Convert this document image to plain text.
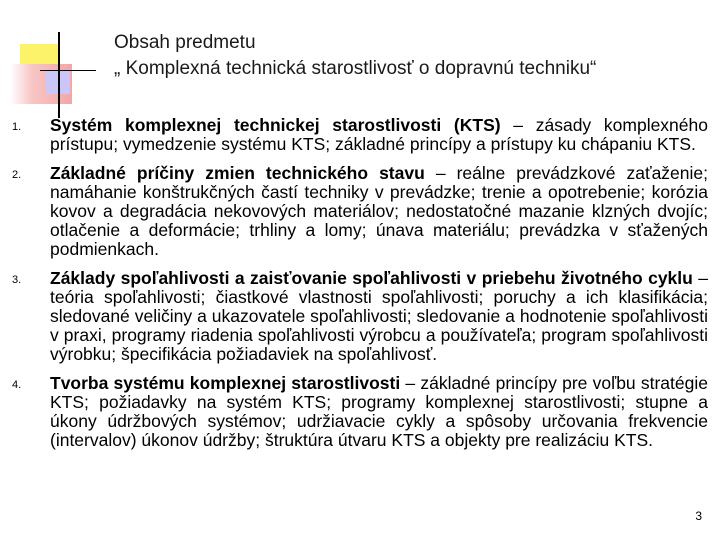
Obsah predmetu
„ Komplexná technická starostlivosť o dopravnú techniku“
1.	Systém komplexnej technickej starostlivosti (KTS) – zásady komplexného prístupu; vymedzenie systému KTS; základné princípy a prístupy ku chápaniu KTS.
2.	Základné príčiny zmien technického stavu – reálne prevádzkové zaťaženie; namáhanie konštrukčných častí techniky v prevádzke; trenie a opotrebenie; korózia kovov a degradácia nekovových materiálov; nedostatočné mazanie klzných dvojíc; otlačenie a deformácie; trhliny a lomy; únava materiálu; prevádzka v sťažených podmienkach.
3.	Základy spoľahlivosti a zaisťovanie spoľahlivosti v priebehu životného cyklu – teória spoľahlivosti; čiastkové vlastnosti spoľahlivosti; poruchy a ich klasifikácia; sledované veličiny a ukazovatele spoľahlivosti; sledovanie a hodnotenie spoľahlivosti v praxi, programy riadenia spoľahlivosti výrobcu a používateľa; program spoľahlivosti výrobku; špecifikácia požiadaviek na spoľahlivosť.
4.	Tvorba systému komplexnej starostlivosti – základné princípy pre voľbu stratégie KTS; požiadavky na systém KTS; programy komplexnej starostlivosti; stupne a úkony údržbových systémov; udržiavacie cykly a spôsoby určovania frekvencie (intervalov) úkonov údržby; štruktúra útvaru KTS a objekty pre realizáciu KTS.
3
